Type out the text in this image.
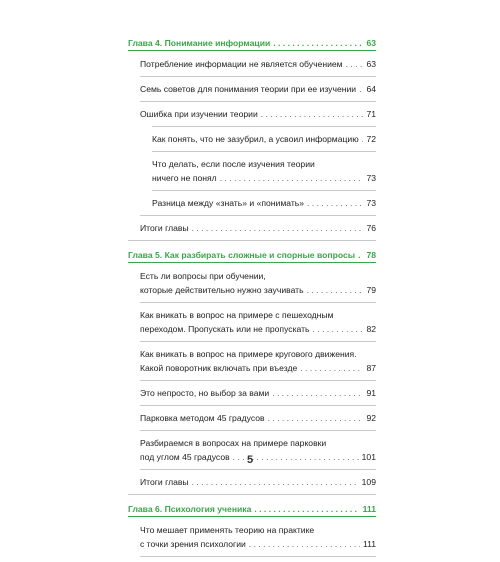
Глава 4. Понимание информации . . .	63
Потребление информации не является обучением . . .	63
Семь советов для понимания теории при ее изучении . . . 64
Ошибка при изучении теории . . .	71
Как понять, что не зазубрил, а усвоил информацию . . . 72
Что делать, если после изучения теории
ничего не понял . . .	73
Разница между «знать» и «понимать» . . .	73
Итоги главы . . .	76
Глава 5. Как разбирать сложные и спорные вопросы . . . 78
Есть ли вопросы при обучении,
которые действительно нужно заучивать . . .	79
Как вникать в вопрос на примере с пешеходным
переходом. Пропускать или не пропускать . . .	82
Как вникать в вопрос на примере кругового движения.
Какой поворотник включать при въезде . . .	87
Это непросто, но выбор за вами . . .	91
Парковка методом 45 градусов . . .	92
Разбираемся в вопросах на примере парковки
под углом 45 градусов . . .	101
Итоги главы . . .	109
Глава 6. Психология ученика . . .	111
Что мешает применять теорию на практике
с точки зрения психологии . . .	111
5
